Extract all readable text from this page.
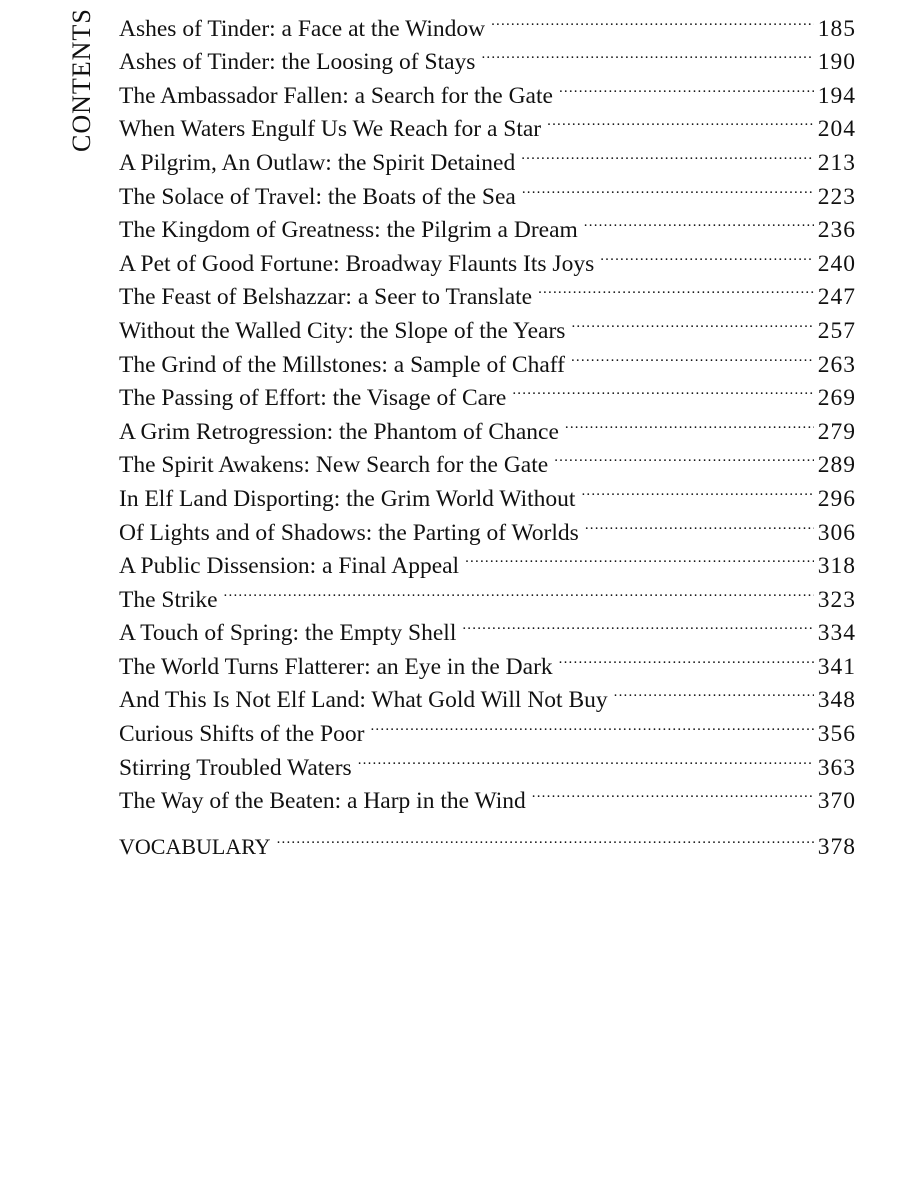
CONTENTS Ashes of Tinder: a Face at the Window .....	185
Ashes of Tinder: the Loosing of Stays .....	190
The Ambassador Fallen: a Search for the Gate .....	194
When Waters Engulf Us We Reach for a Star .....	204
A Pilgrim, An Outlaw: the Spirit Detained .....	213
The Solace of Travel: the Boats of the Sea .....	223
The Kingdom of Greatness: the Pilgrim a Dream .....	236
A Pet of Good Fortune: Broadway Flaunts Its Joys .....	240
The Feast of Belshazzar: a Seer to Translate .....	247
Without the Walled City: the Slope of the Years .....	257
The Grind of the Millstones: a Sample of Chaff .....	263
The Passing of Effort: the Visage of Care .....	269
A Grim Retrogression: the Phantom of Chance .....	279
The Spirit Awakens: New Search for the Gate .....	289
In Elf Land Disporting: the Grim World Without .....	296
Of Lights and of Shadows: the Parting of Worlds .....	306
A Public Dissension: a Final Appeal .....	318
The Strike .....	323
A Touch of Spring: the Empty Shell .....	334
The World Turns Flatterer: an Eye in the Dark .....	341
And This Is Not Elf Land: What Gold Will Not Buy .....	348
Curious Shifts of the Poor .....	356
Stirring Troubled Waters .....	363
The Way of the Beaten: a Harp in the Wind .....	370
VOCABULARY .....	378
